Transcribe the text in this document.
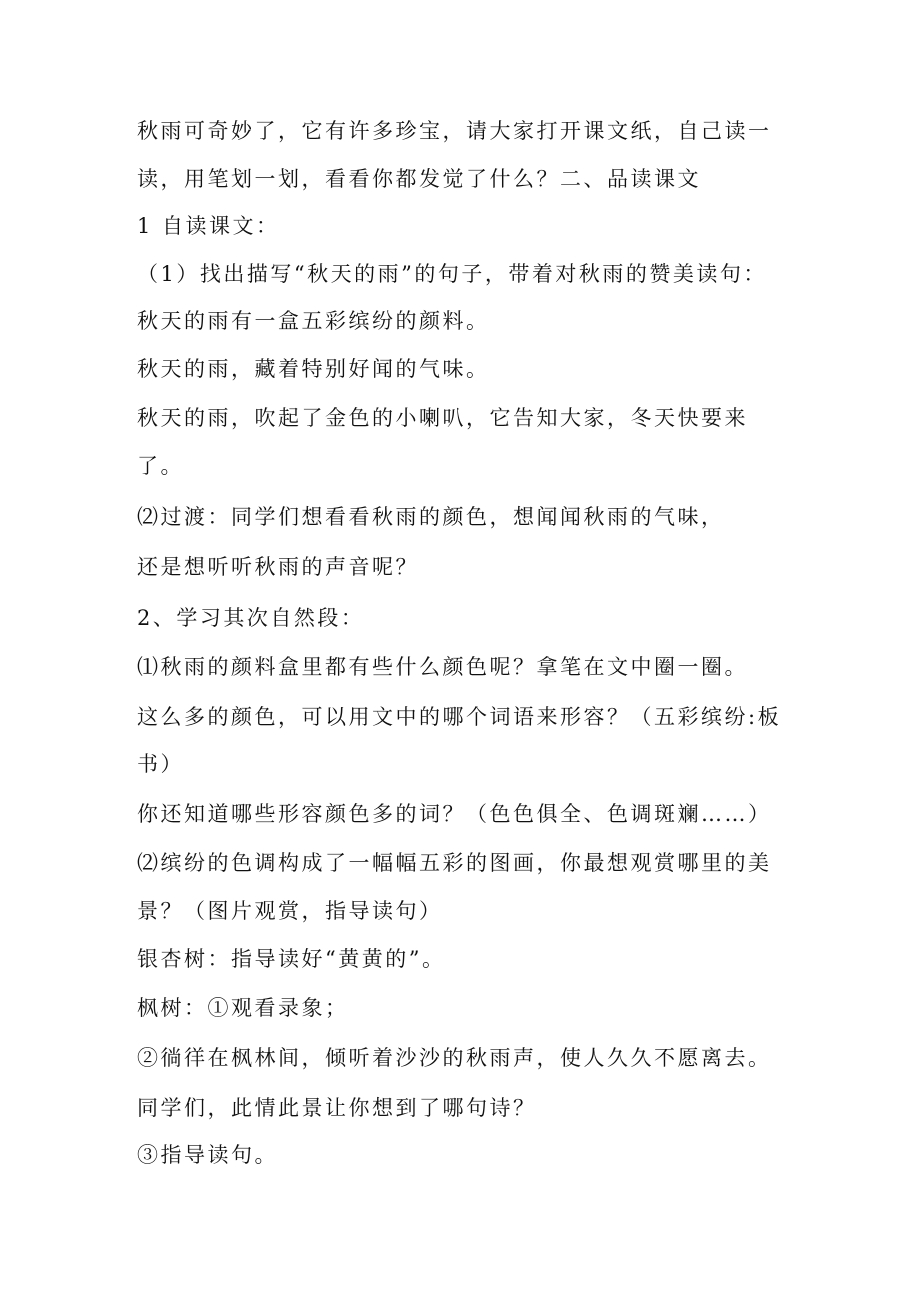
秋雨可奇妙了，它有许多珍宝，请大家打开课文纸，自己读一
读，用笔划一划，看看你都发觉了什么？二、品读课文
1 自读课文：
（1）找出描写“秋天的雨”的句子，带着对秋雨的赞美读句：
秋天的雨有一盒五彩缤纷的颜料。
秋天的雨，藏着特别好闻的气味。
秋天的雨，吹起了金色的小喇叭，它告知大家，冬天快要来
了。
⑵过渡：同学们想看看秋雨的颜色，想闻闻秋雨的气味，
还是想听听秋雨的声音呢？
2、学习其次自然段：
⑴秋雨的颜料盒里都有些什么颜色呢？拿笔在文中圈一圈。
这么多的颜色，可以用文中的哪个词语来形容？（五彩缤纷:板
书）
你还知道哪些形容颜色多的词？（色色俱全、色调斑斓……）
⑵缤纷的色调构成了一幅幅五彩的图画，你最想观赏哪里的美
景？（图片观赏，指导读句）
银杏树：指导读好“黄黄的”。
枫树：①观看录象；
②徜徉在枫林间，倾听着沙沙的秋雨声，使人久久不愿离去。
同学们，此情此景让你想到了哪句诗？
③指导读句。
